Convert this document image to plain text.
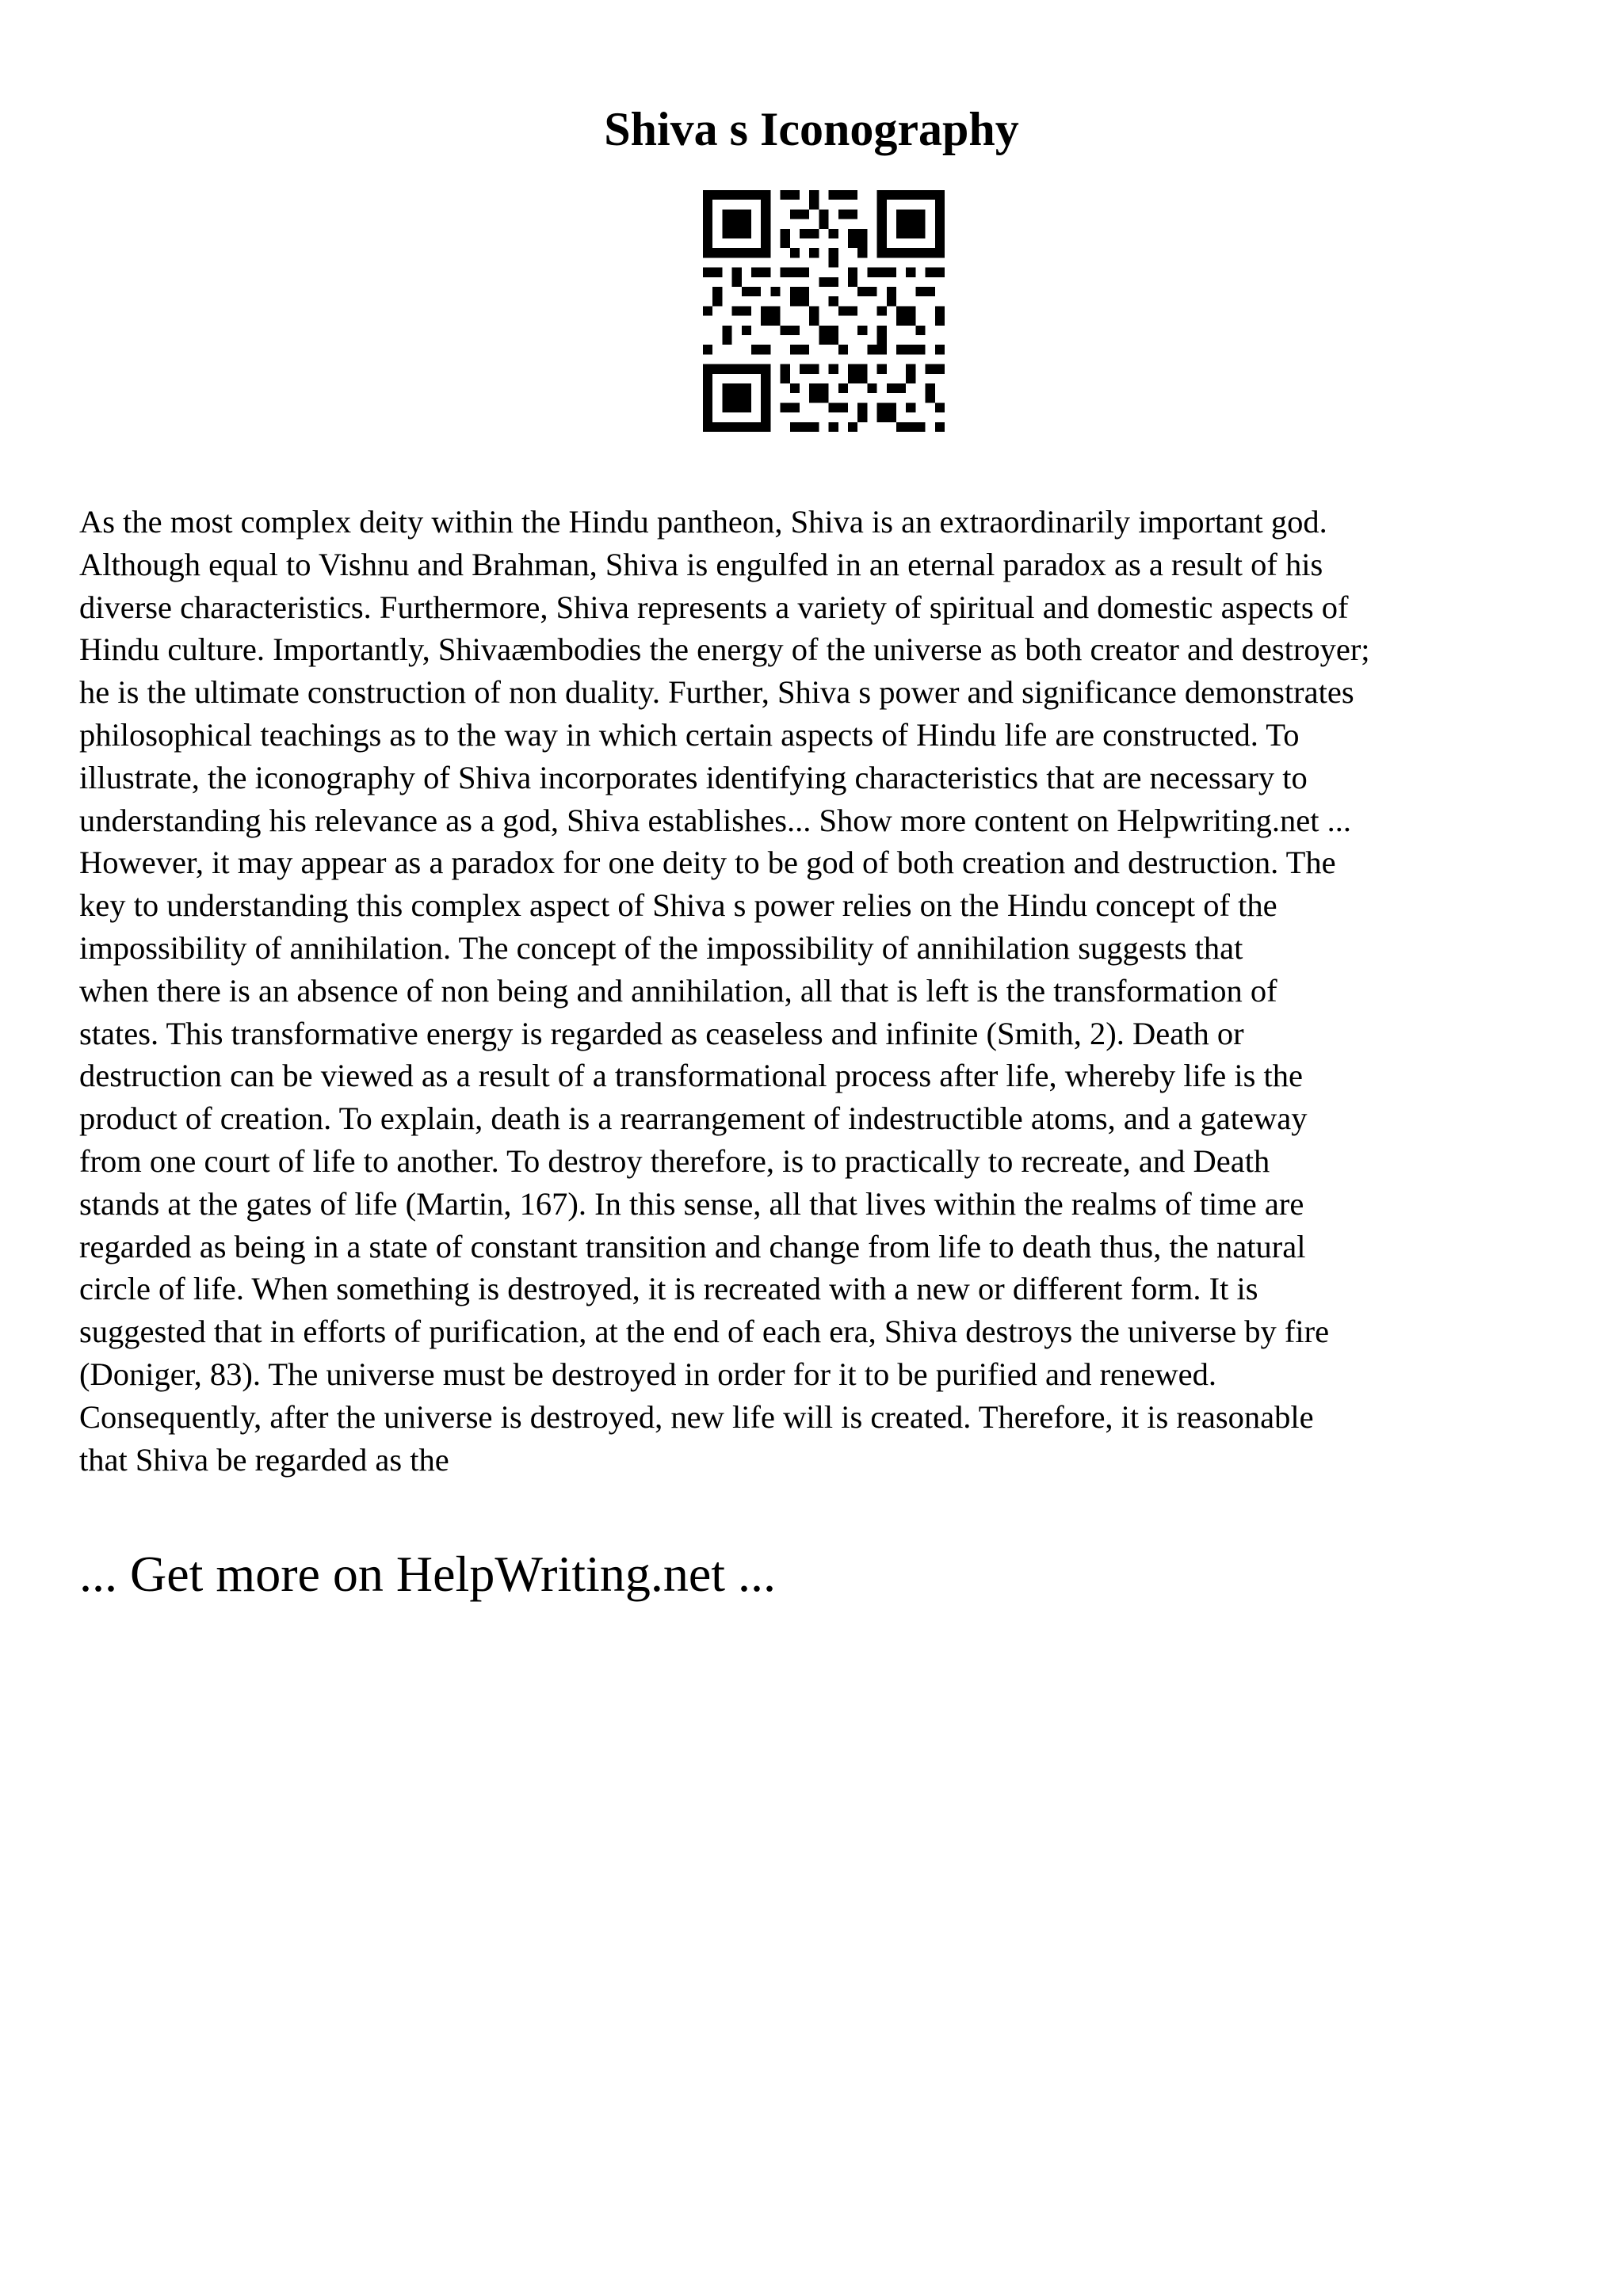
Shiva s Iconography
As the most complex deity within the Hindu pantheon, Shiva is an extraordinarily important god.
Although equal to Vishnu and Brahman, Shiva is engulfed in an eternal paradox as a result of his
diverse characteristics. Furthermore, Shiva represents a variety of spiritual and domestic aspects of
Hindu culture. Importantly, Shivaæmbodies the energy of the universe as both creator and destroyer;
he is the ultimate construction of non duality. Further, Shiva s power and significance demonstrates
philosophical teachings as to the way in which certain aspects of Hindu life are constructed. To
illustrate, the iconography of Shiva incorporates identifying characteristics that are necessary to
understanding his relevance as a god, Shiva establishes... Show more content on Helpwriting.net ...
However, it may appear as a paradox for one deity to be god of both creation and destruction. The
key to understanding this complex aspect of Shiva s power relies on the Hindu concept of the
impossibility of annihilation. The concept of the impossibility of annihilation suggests that
when there is an absence of non being and annihilation, all that is left is the transformation of
states. This transformative energy is regarded as ceaseless and infinite (Smith, 2). Death or
destruction can be viewed as a result of a transformational process after life, whereby life is the
product of creation. To explain, death is a rearrangement of indestructible atoms, and a gateway
from one court of life to another. To destroy therefore, is to practically to recreate, and Death
stands at the gates of life (Martin, 167). In this sense, all that lives within the realms of time are
regarded as being in a state of constant transition and change from life to death thus, the natural
circle of life. When something is destroyed, it is recreated with a new or different form. It is
suggested that in efforts of purification, at the end of each era, Shiva destroys the universe by fire
(Doniger, 83). The universe must be destroyed in order for it to be purified and renewed.
Consequently, after the universe is destroyed, new life will is created. Therefore, it is reasonable
that Shiva be regarded as the

... Get more on HelpWriting.net ...
